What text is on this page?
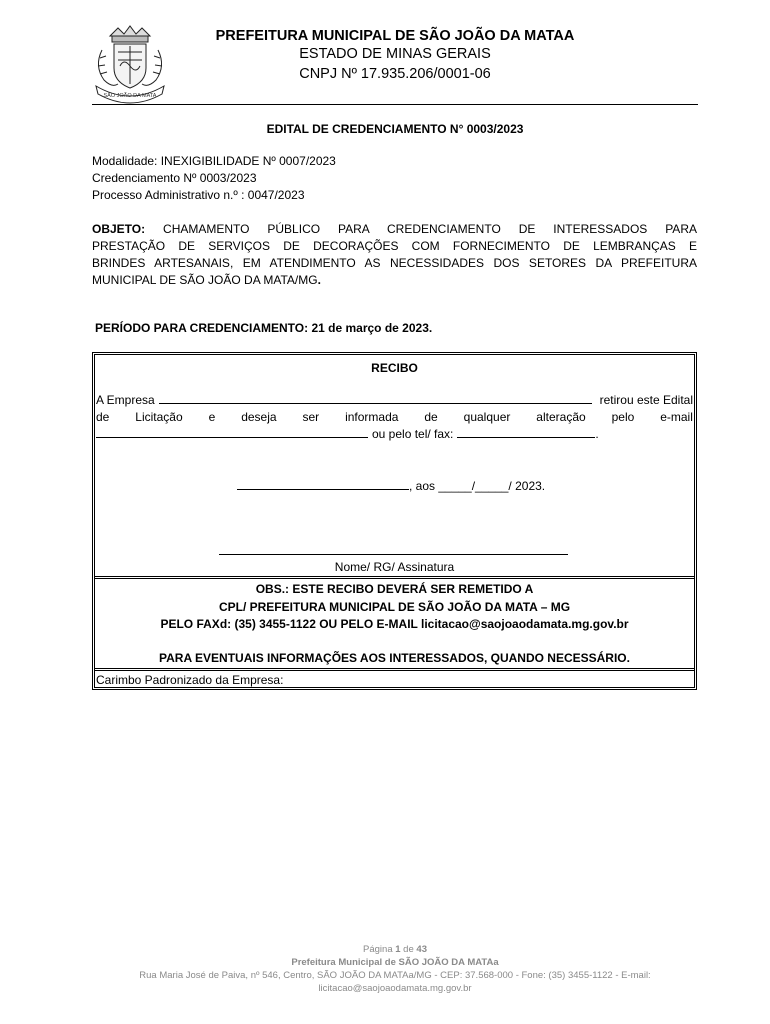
SÃO JOÃO DA MATA
PREFEITURA MUNICIPAL DE SÃO JOÃO DA MATAA
ESTADO DE MINAS GERAIS
CNPJ Nº 17.935.206/0001-06
EDITAL DE CREDENCIAMENTO N° 0003/2023
Modalidade: INEXIGIBILIDADE Nº 0007/2023
Credenciamento Nº 0003/2023
Processo Administrativo n.º : 0047/2023
OBJETO: CHAMAMENTO PÚBLICO PARA CREDENCIAMENTO DE INTERESSADOS PARA
PRESTAÇÃO DE SERVIÇOS DE DECORAÇÕES COM FORNECIMENTO DE LEMBRANÇAS E
BRINDES ARTESANAIS, EM ATENDIMENTO AS NECESSIDADES DOS SETORES DA PREFEITURA
MUNICIPAL DE SÃO JOÃO DA MATA/MG.
PERÍODO PARA CREDENCIAMENTO: 21 de março de 2023.
RECIBO
A Empresa	retirou este Edital
de Licitação e deseja ser informada de qualquer alteração pelo e-mail
ou pelo tel/ fax:	.
, aos _____/_____/ 2023.
Nome/ RG/ Assinatura
OBS.: ESTE RECIBO DEVERÁ SER REMETIDO A
CPL/ PREFEITURA MUNICIPAL DE SÃO JOÃO DA MATA – MG
PELO FAXd: (35) 3455-1122 OU PELO E-MAIL licitacao@saojoaodamata.mg.gov.br
PARA EVENTUAIS INFORMAÇÕES AOS INTERESSADOS, QUANDO NECESSÁRIO.
Carimbo Padronizado da Empresa:
Página 1 de 43
Prefeitura Municipal de SÃO JOÃO DA MATAa
Rua Maria José de Paiva, nº 546, Centro, SÃO JOÃO DA MATAa/MG - CEP: 37.568-000 - Fone: (35) 3455-1122 - E-mail:
licitacao@saojoaodamata.mg.gov.br
